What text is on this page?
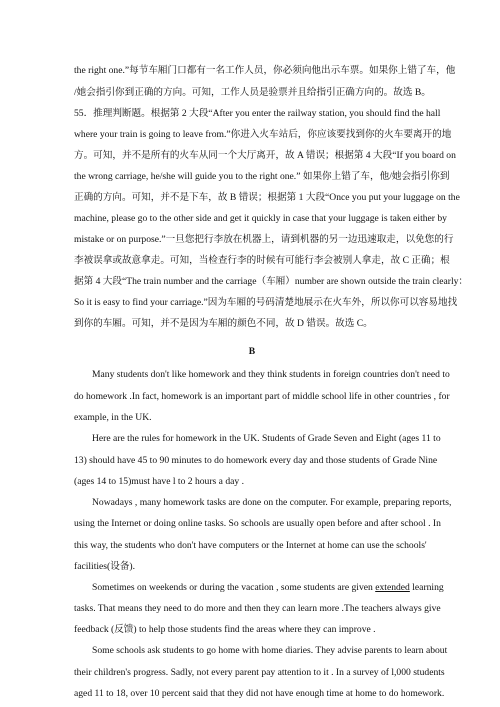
the right one.”每节车厢门口都有一名工作人员，你必须向他出示车票。如果你上错了车，他
/她会指引你到正确的方向。可知，工作人员是验票并且给指引正确方向的。故选 B。
55．推理判断题。根据第 2 大段“After you enter the railway station, you should find the hall
where your train is going to leave from.”你进入火车站后，你应该要找到你的火车要离开的地
方。可知，并不是所有的火车从同一个大厅离开，故 A 错误；根据第 4 大段“If you board on
the wrong carriage, he/she will guide you to the right one.” 如果你上错了车，他/她会指引你到
正确的方向。可知，并不是下车，故 B 错误；根据第 1 大段“Once you put your luggage on the
machine, please go to the other side and get it quickly in case that your luggage is taken either by
mistake or on purpose.”一旦您把行李放在机器上，请到机器的另一边迅速取走，以免您的行
李被误拿或故意拿走。可知，当检查行李的时候有可能行李会被别人拿走，故 C 正确；根
据第 4 大段“The train number and the carriage（车厢）number are shown outside the train clearly：
So it is easy to find your carriage.”因为车厢的号码清楚地展示在火车外，所以你可以容易地找
到你的车厢。可知，并不是因为车厢的颜色不同，故 D 错误。故选 C。
B
Many students don't like homework and they think students in foreign countries don't need to
do homework .In fact, homework is an important part of middle school life in other countries , for
example, in the UK.
Here are the rules for homework in the UK. Students of Grade Seven and Eight (ages 11 to
13) should have 45 to 90 minutes to do homework every day and those students of Grade Nine
(ages 14 to 15)must have l to 2 hours a day .
Nowadays , many homework tasks are done on the computer. For example, preparing reports,
using the Internet or doing online tasks. So schools are usually open before and after school . In
this way, the students who don't have computers or the Internet at home can use the schools'
facilities(设备).
Sometimes on weekends or during the vacation , some students are given extended learning
tasks. That means they need to do more and then they can learn more .The teachers always give
feedback (反馈) to help those students find the areas where they can improve .
Some schools ask students to go home with home diaries. They advise parents to learn about
their children's progress. Sadly, not every parent pay attention to it . In a survey of l,000 students
aged 11 to 18, over 10 percent said that they did not have enough time at home to do homework.
